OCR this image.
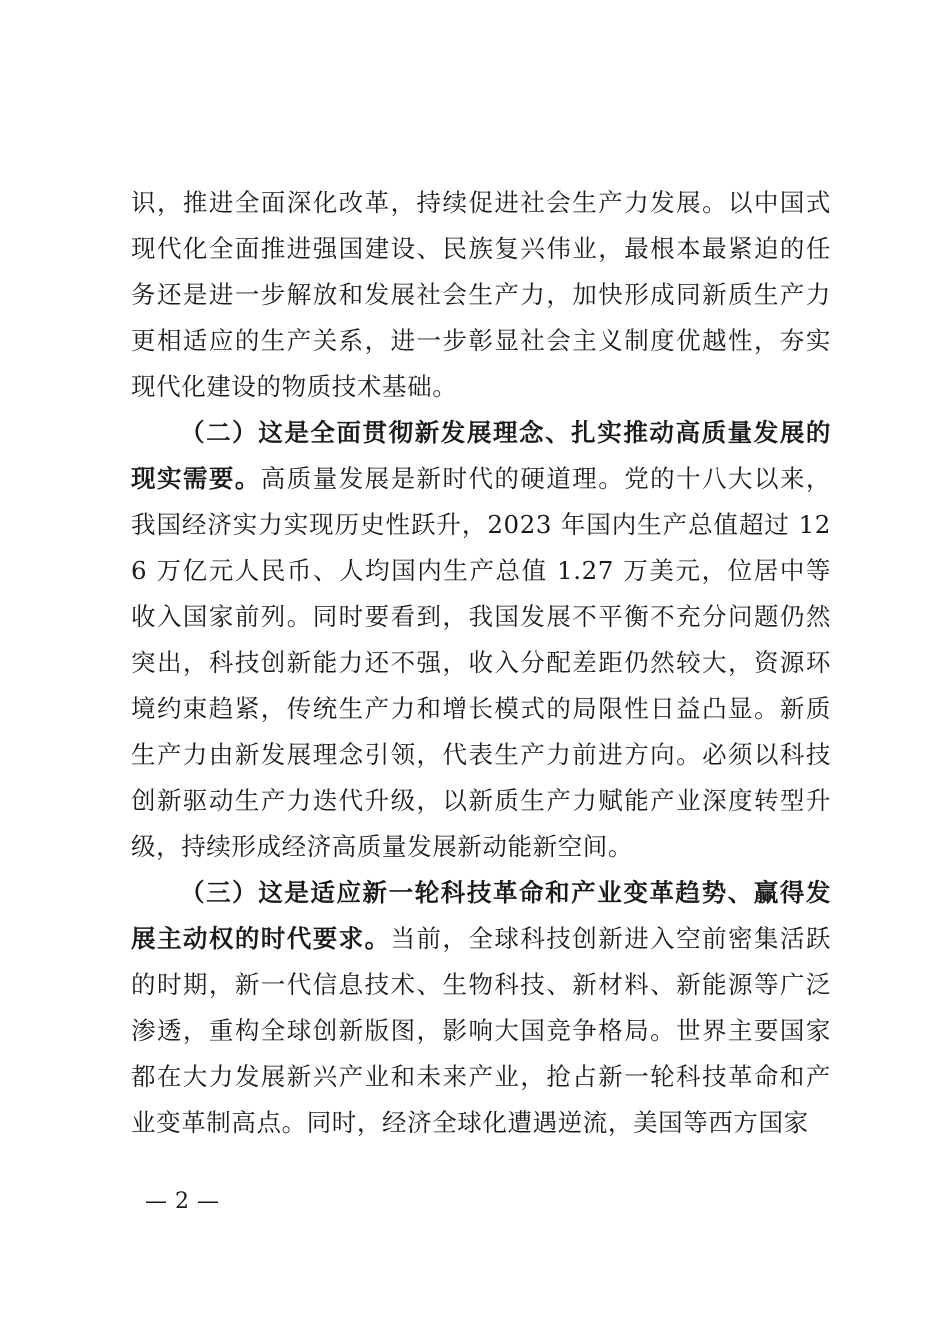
识，推进全面深化改革，持续促进社会生产力发展。以中国式现代化全面推进强国建设、民族复兴伟业，最根本最紧迫的任务还是进一步解放和发展社会生产力，加快形成同新质生产力更相适应的生产关系，进一步彰显社会主义制度优越性，夯实现代化建设的物质技术基础。

（二）这是全面贯彻新发展理念、扎实推动高质量发展的现实需要。高质量发展是新时代的硬道理。党的十八大以来，我国经济实力实现历史性跃升，2023 年国内生产总值超过 126 万亿元人民币、人均国内生产总值 1.27 万美元，位居中等收入国家前列。同时要看到，我国发展不平衡不充分问题仍然突出，科技创新能力还不强，收入分配差距仍然较大，资源环境约束趋紧，传统生产力和增长模式的局限性日益凸显。新质生产力由新发展理念引领，代表生产力前进方向。必须以科技创新驱动生产力迭代升级，以新质生产力赋能产业深度转型升级，持续形成经济高质量发展新动能新空间。

（三）这是适应新一轮科技革命和产业变革趋势、赢得发展主动权的时代要求。当前，全球科技创新进入空前密集活跃的时期，新一代信息技术、生物科技、新材料、新能源等广泛渗透，重构全球创新版图，影响大国竞争格局。世界主要国家都在大力发展新兴产业和未来产业，抢占新一轮科技革命和产业变革制高点。同时，经济全球化遭遇逆流，美国等西方国家

— 2 —
